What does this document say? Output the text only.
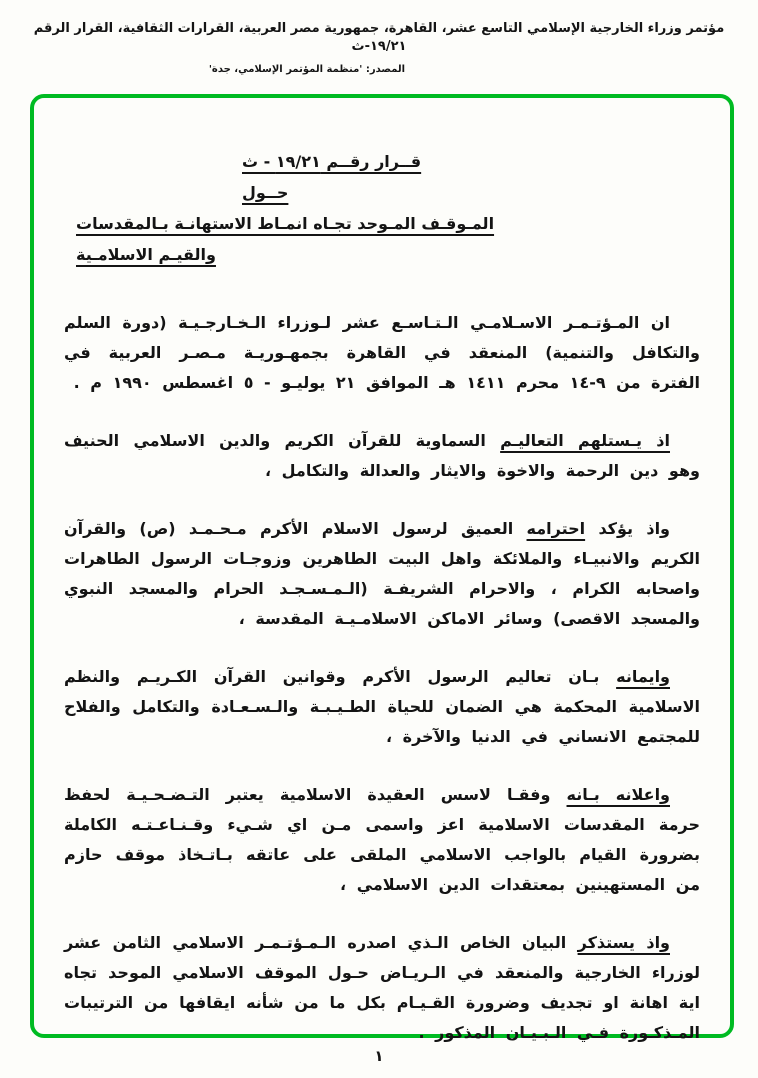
مؤتمر وزراء الخارجية الإسلامي التاسع عشر، القاهرة، جمهورية مصر العربية، القرارات الثقافية، القرار الرقم ١٩/٢١-ث
المصدر: 'منظمة المؤتمر الإسلامي، جدة'
قــرار رقــم ١٩/٢١ - ث
حــول
المـوقـف المـوحد تجـاه انمـاط الاستهانـة بـالمقدسات
والقيـم الاسلامـية

ان المـؤتـمـر الاسـلامـي الـتـاسـع عشر لـوزراء الـخـارجـيـة (دورة السلم والتكافل والتنمية) المنعقد في القاهرة بجمهـوريـة مـصـر العربية في الفترة من ٩-١٤ محرم ١٤١١ هـ الموافق ٢١ يوليـو - ٥ اغسطس ١٩٩٠ م .

اذ يـستلهم التعاليـم السماوية للقرآن الكريم والدين الاسلامي الحنيف وهو دين الرحمة والاخوة والايثار والعدالة والتكامل ،

واذ يؤكد احترامه العميق لرسول الاسلام الأكرم مـحـمـد (ص) والقرآن الكريم والانبيـاء والملائكة واهل البيت الطاهرين وزوجـات الرسول الطاهرات واصحابه الكرام ، والاحرام الشريفـة (الـمـسـجـد الحرام والمسجد النبوي والمسجد الاقصى) وسائر الاماكن الاسلامـيـة المقدسة ،

وايمانه بـان تعاليم الرسول الأكرم وقوانين القرآن الكـريـم والنظم الاسلامية المحكمة هي الضمان للحياة الطـيـبـة والـسـعـادة والتكامل والفلاح للمجتمع الانساني في الدنيا والآخرة ،

واعلانه بـانه وفقـا لاسس العقيدة الاسلامية يعتبر التـضـحـيـة لحفظ حرمة المقدسات الاسلامية اعز واسمى مـن اي شـيء وقـنـاعـتـه الكاملة بضرورة القيام بالواجب الاسلامي الملقى على عاتقه بـاتـخاذ موقف حازم من المستهينين بمعتقدات الدين الاسلامي ،

واذ يستذكر البيان الخاص الـذي اصدره الـمـؤتـمـر الاسلامي الثامن عشر لوزراء الخارجية والمنعقد في الـريـاض حـول الموقف الاسلامي الموحد تجاه اية اهانة او تجديف وضرورة القـيـام بكل ما من شأنه ايقافها من الترتيبات المـذكـورة فـي الـبـيـان المذكور .

١
